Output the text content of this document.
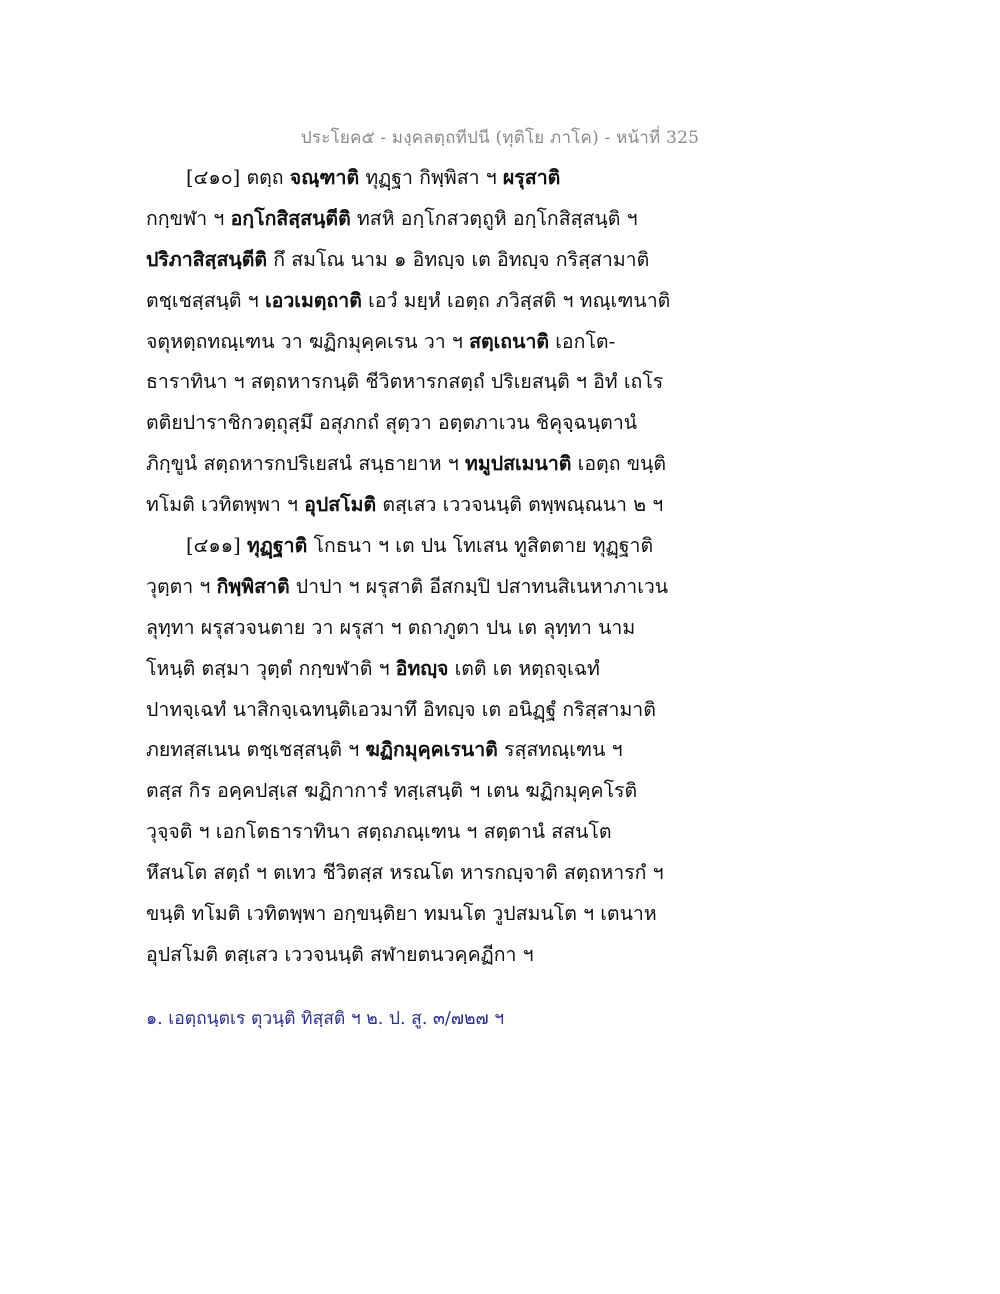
ประโยค๕ - มงฺคลตฺถทีปนี (ทุติโย ภาโค) - หน้าที่ 325
[๔๑๐] ตตฺถ จณฺฑาติ ทุฏฺฐา กิพฺพิสา ฯ ผรุสาติ
กกฺขฬา ฯ อกฺโกสิสฺสนฺตีติ ทสหิ อกฺโกสวตฺถูหิ อกฺโกสิสฺสนฺติ ฯ
ปริภาสิสฺสนฺตีติ กึ สมโณ นาม ๑ อิทญฺจ เต อิทญฺจ กริสฺสามาติ
ตชฺเชสฺสนฺติ ฯ เอวเมตฺถาติ เอวํ มยฺหํ เอตฺถ ภวิสฺสติ ฯ ทณฺเฑนาติ
จตุหตฺถทณฺเฑน วา ฆฏิกมุคฺคเรน วา ฯ สตฺเถนาติ เอกโต-
ธาราทินา ฯ สตฺถหารกนฺติ ชีวิตหารกสตฺถํ ปริเยสนฺติ ฯ อิทํ เถโร
ตติยปาราชิกวตฺถุสฺมึ อสุภกถํ สุตฺวา อตฺตภาเวน ชิคุจฺฉนฺตานํ
ภิกฺขูนํ สตฺถหารกปริเยสนํ สนฺธายาห ฯ ทมูปสเมนาติ เอตฺถ ขนฺติ
ทโมติ เวทิตพฺพา ฯ อุปสโมติ ตสฺเสว เววจนนฺติ ตพฺพณฺณนา ๒ ฯ
[๔๑๑] ทุฏฺฐาติ โกธนา ฯ เต ปน โทเสน ทูสิตตาย ทุฏฺฐาติ
วุตฺตา ฯ กิพฺพิสาติ ปาปา ฯ ผรุสาติ อีสกมฺปิ ปสาทนสิเนหาภาเวน
ลุทฺทา ผรุสวจนตาย วา ผรุสา ฯ ตถาภูตา ปน เต ลุทฺทา นาม
โหนฺติ ตสฺมา วุตฺตํ กกฺขฬาติ ฯ อิทญฺจ เตติ เต หตฺถจฺเฉทํ
ปาทจฺเฉทํ นาสิกจฺเฉทนฺติเอวมาทึ อิทญฺจ เต อนิฏฺฐํ กริสฺสามาติ
ภยทสฺสเนน ตชฺเชสฺสนฺติ ฯ ฆฏิกมุคฺคเรนาติ รสฺสทณฺเฑน ฯ
ตสฺส กิร อคฺคปสฺเส ฆฏิกาการํ ทสฺเสนฺติ ฯ เตน ฆฏิกมุคฺคโรติ
วุจฺจติ ฯ เอกโตธาราทินา สตฺถภณฺเฑน ฯ สตฺตานํ สสนโต
หึสนโต สตฺถํ ฯ ตเทว ชีวิตสฺส หรณโต หารกญฺจาติ สตฺถหารกํ ฯ
ขนฺติ ทโมติ เวทิตพฺพา อกฺขนฺติยา ทมนโต วูปสมนโต ฯ เตนาห
อุปสโมติ ตสฺเสว เววจนนฺติ สฬายตนวคฺคฏีกา ฯ
๑. เอตฺถนฺตเร ตุวนฺติ ทิสฺสติ ฯ ๒. ป. สู. ๓/๗๒๗ ฯ
